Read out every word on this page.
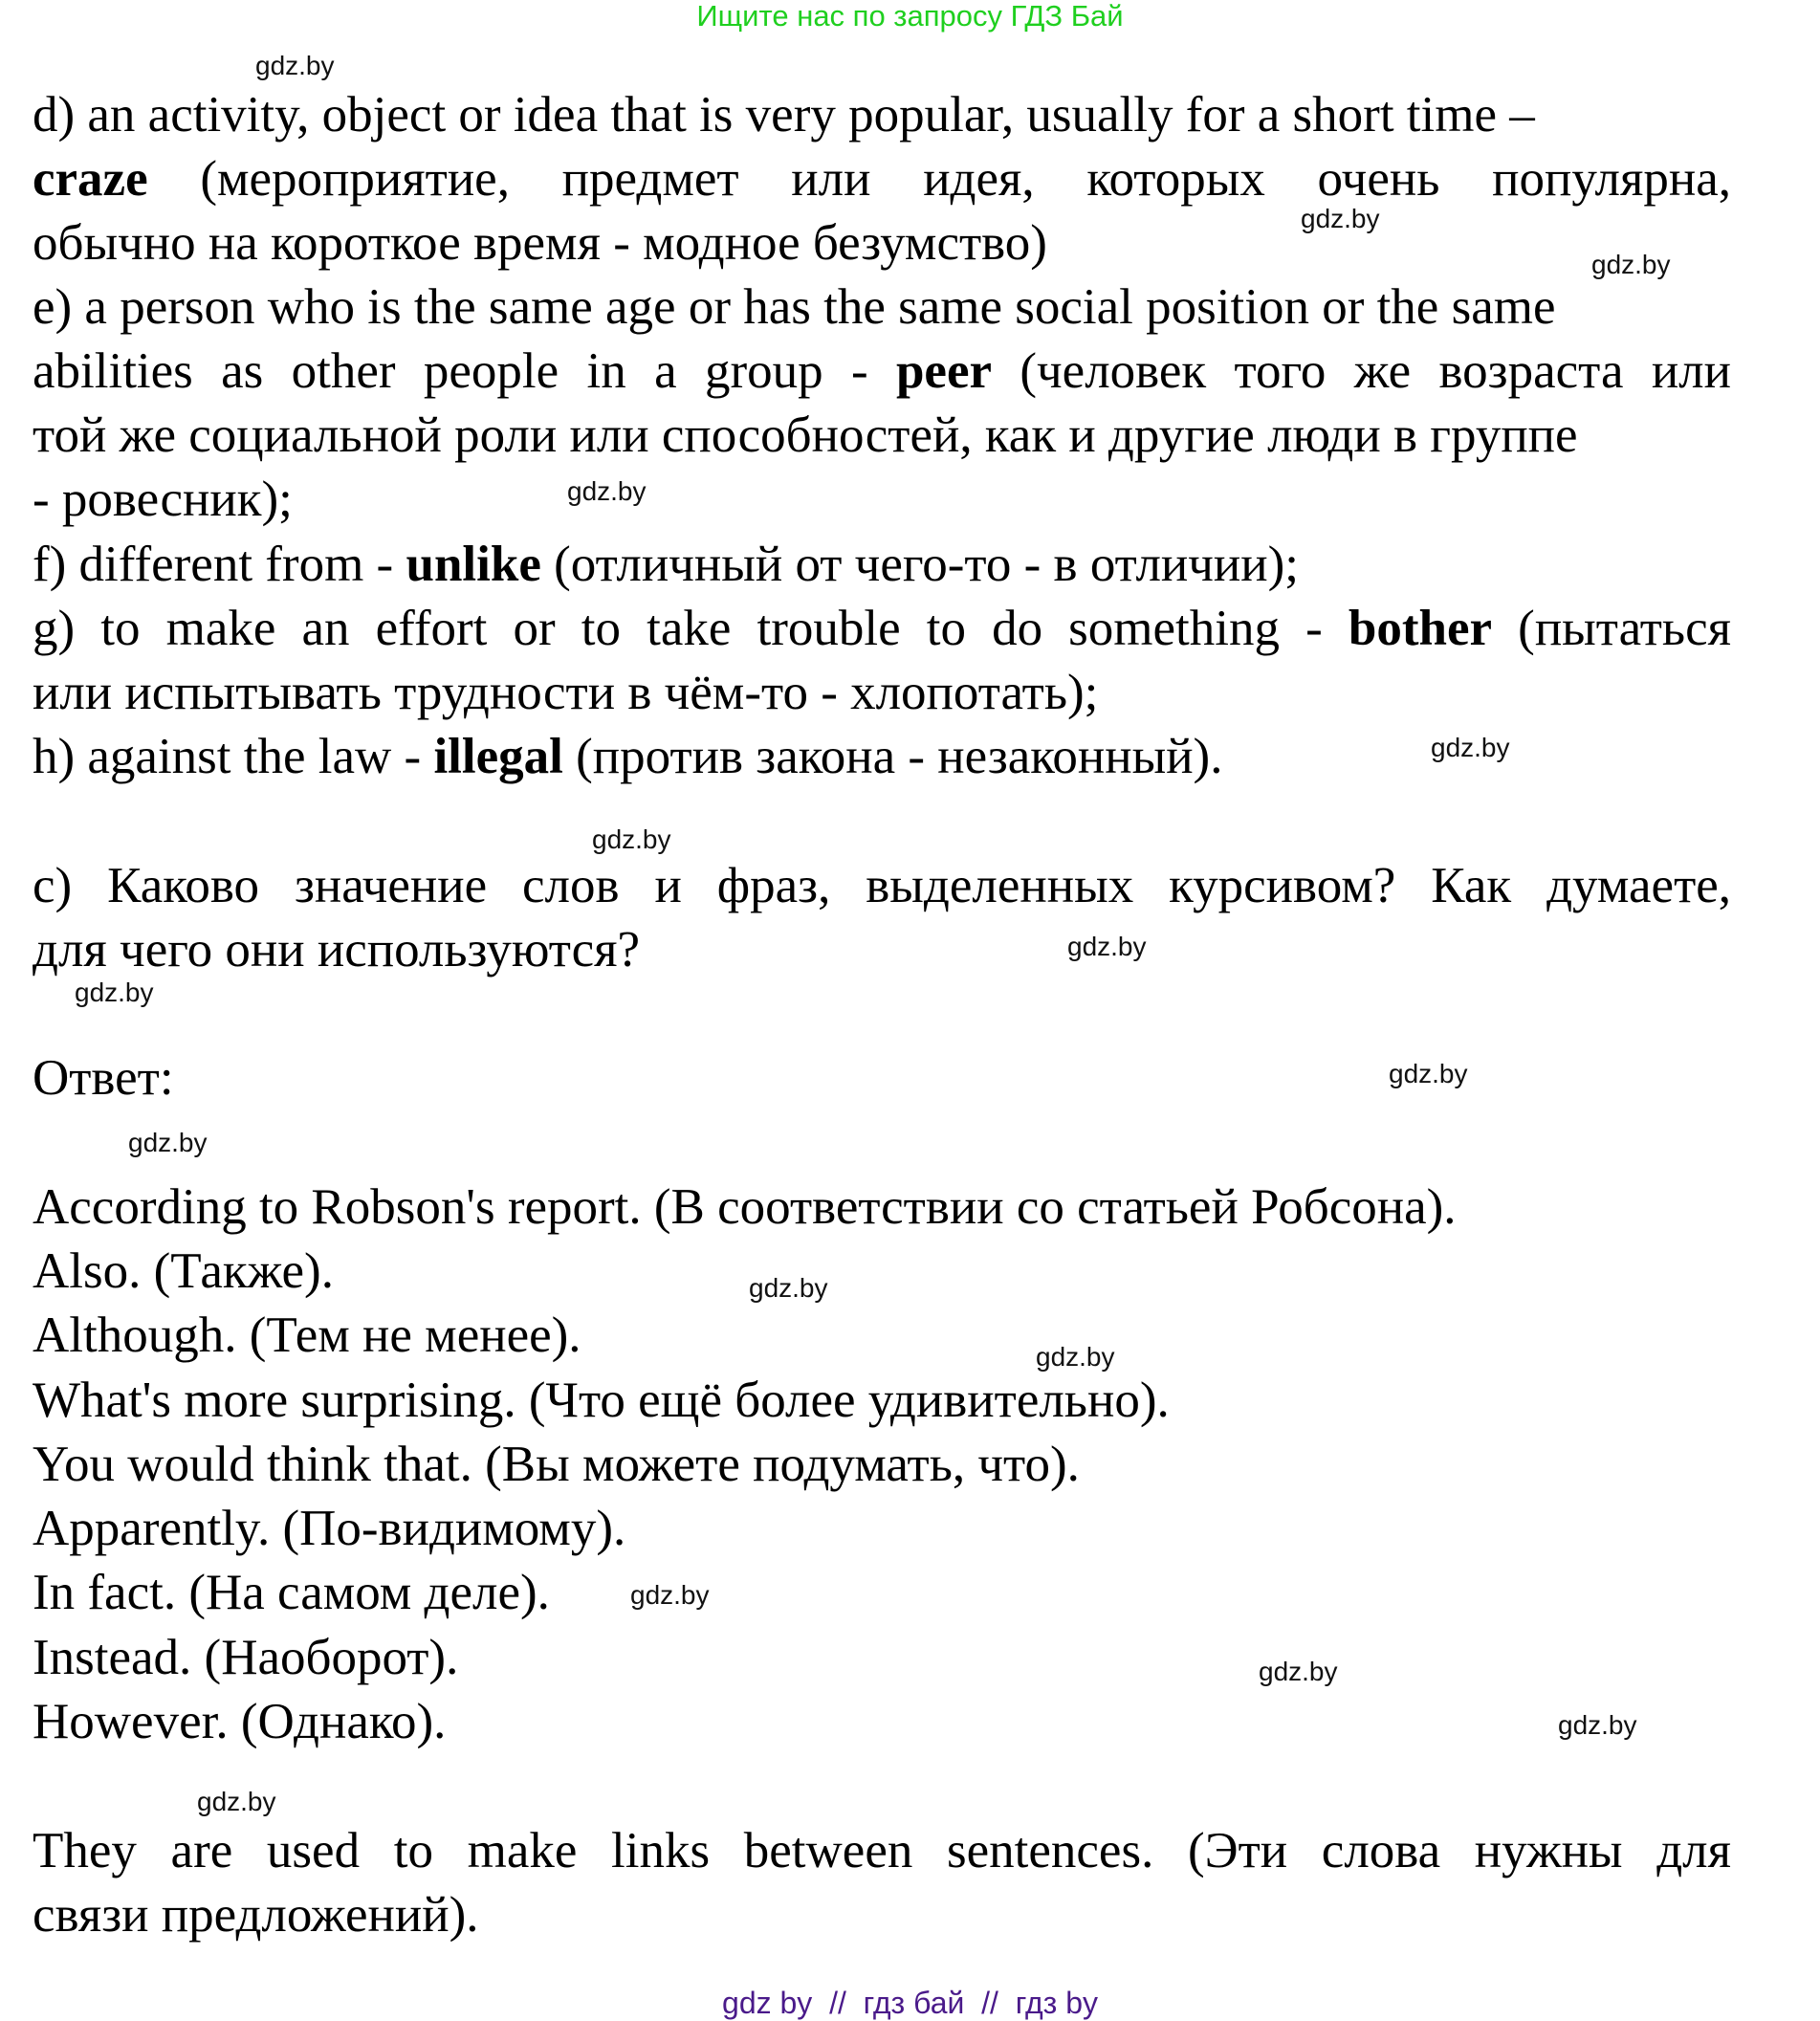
Ищите нас по запросу ГДЗ Бай
gdz.by
gdz.by
gdz.by
gdz.by
gdz.by
gdz.by
gdz.by
gdz.by
gdz.by
gdz.by
gdz.by
gdz.by
gdz.by
gdz.by
gdz.by
gdz.by
d) an activity, object or idea that is very popular, usually for a short time –
craze (мероприятие, предмет или идея, которых очень популярна,
обычно на короткое время - модное безумство)
e) a person who is the same age or has the same social position or the same
abilities as other people in a group - peer (человек того же возраста или
той же социальной роли или способностей, как и другие люди в группе
- ровесник);
f) different from - unlike (отличный от чего-то - в отличии);
g) to make an effort or to take trouble to do something - bother (пытаться
или испытывать трудности в чём-то - хлопотать);
h) against the law - illegal (против закона - незаконный).
c) Каково значение слов и фраз, выделенных курсивом? Как думаете,
для чего они используются?
Ответ:
According to Robson's report. (В соответствии со статьей Робсона).
Also. (Также).
Although. (Тем не менее).
What's more surprising. (Что ещё более удивительно).
You would think that. (Вы можете подумать, что).
Apparently. (По-видимому).
In fact. (На самом деле).
Instead. (Наоборот).
However. (Однако).
They are used to make links between sentences. (Эти слова нужны для
связи предложений).
gdz by  //  гдз бай  //  гдз by
